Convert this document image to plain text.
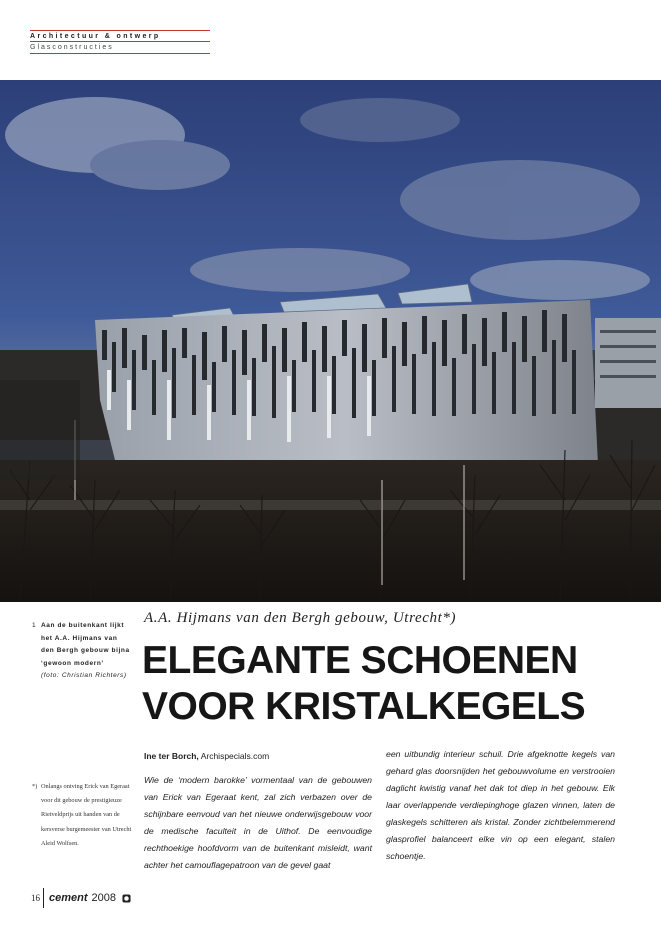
Architectuur & ontwerp
Glasconstructies
1 Aan de buitenkant lijkt het A.A. Hijmans van den Bergh gebouw bijna ‘gewoon modern’
(foto: Christian Richters)
A.A. Hijmans van den Bergh gebouw, Utrecht*)
ELEGANTE SCHOENEN
VOOR KRISTALKEGELS
Ine ter Borch, Archispecials.com
Wie de ‘modern barokke’ vormentaal van de gebouwen van Erick van Egeraat kent, zal zich verbazen over de schijnbare eenvoud van het nieuwe onderwijsgebouw voor de medische faculteit in de Uithof. De eenvoudige rechthoekige hoofdvorm van de buitenkant misleidt, want achter het camouflagepatroon van de gevel gaat
een uitbundig interieur schuil. Drie afgeknotte kegels van gehard glas doorsnijden het gebouwvolume en verstrooien daglicht kwistig vanaf het dak tot diep in het gebouw. Elk laar overlappende verdiepinghoge glazen vinnen, laten de glaskegels schitteren als kristal. Zonder zichtbelemmerend glasprofiel balanceert elke vin op een elegant, stalen schoentje.
*) Onlangs ontving Erick van Egeraat voor dit gebouw de prestigieuze Rietveldprijs uit handen van de kersverse burgemeester van Utrecht Aleid Wolfsen.
16 cement 2008
